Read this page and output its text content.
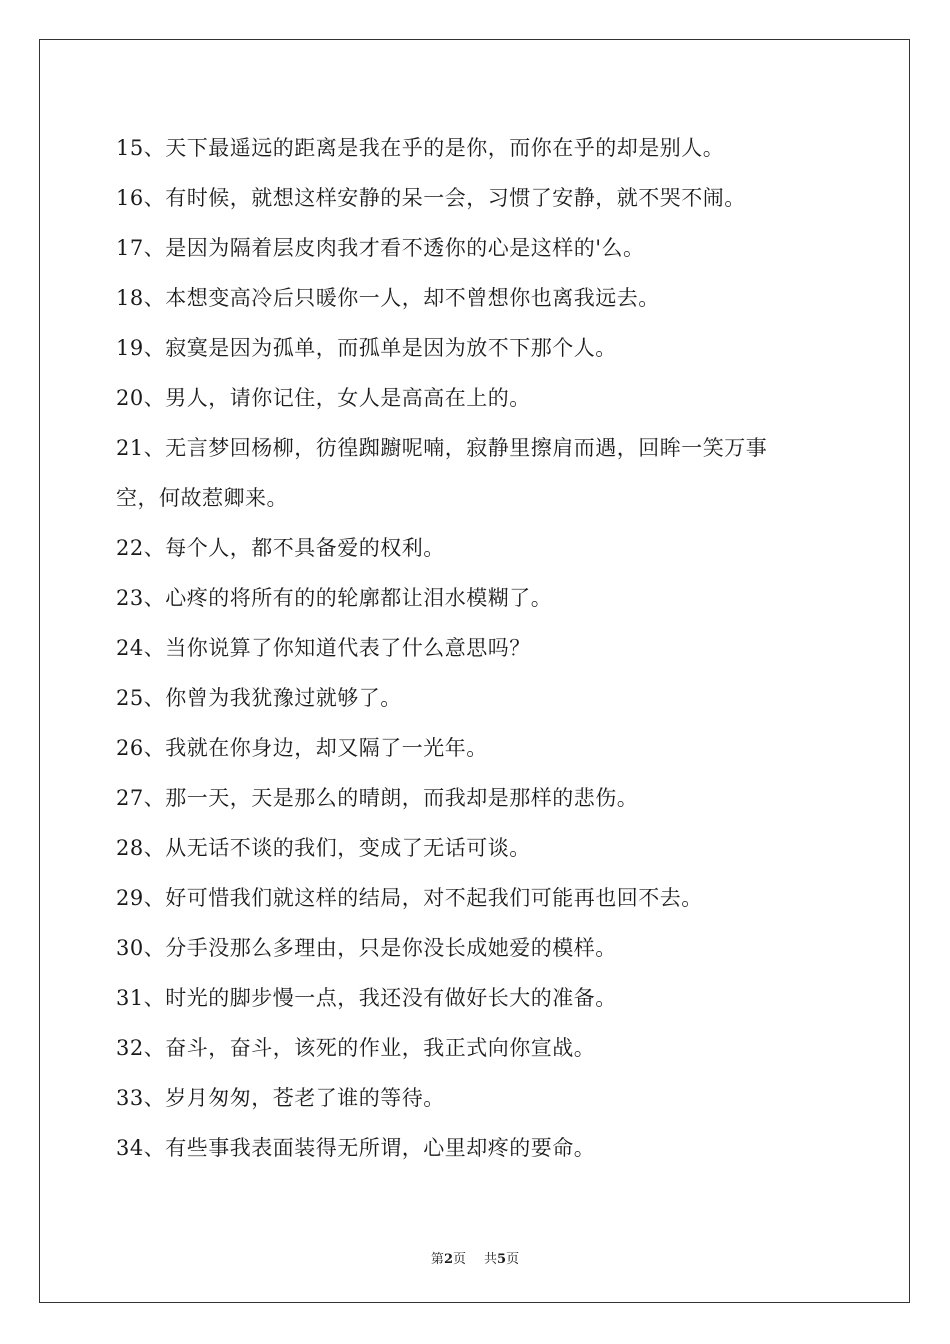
15、天下最遥远的距离是我在乎的是你，而你在乎的却是别人。
16、有时候，就想这样安静的呆一会，习惯了安静，就不哭不闹。
17、是因为隔着层皮肉我才看不透你的心是这样的'么。
18、本想变高冷后只暖你一人，却不曾想你也离我远去。
19、寂寞是因为孤单，而孤单是因为放不下那个人。
20、男人，请你记住，女人是高高在上的。
21、无言梦回杨柳，彷徨踟躕呢喃，寂静里擦肩而遇，回眸一笑万事
空，何故惹卿来。
22、每个人，都不具备爱的权利。
23、心疼的将所有的的轮廓都让泪水模糊了。
24、当你说算了你知道代表了什么意思吗？
25、你曾为我犹豫过就够了。
26、我就在你身边，却又隔了一光年。
27、那一天，天是那么的晴朗，而我却是那样的悲伤。
28、从无话不谈的我们，变成了无话可谈。
29、好可惜我们就这样的结局，对不起我们可能再也回不去。
30、分手没那么多理由，只是你没长成她爱的模样。
31、时光的脚步慢一点，我还没有做好长大的准备。
32、奋斗，奋斗，该死的作业，我正式向你宣战。
33、岁月匆匆，苍老了谁的等待。
34、有些事我表面装得无所谓，心里却疼的要命。
第2页 共5页
